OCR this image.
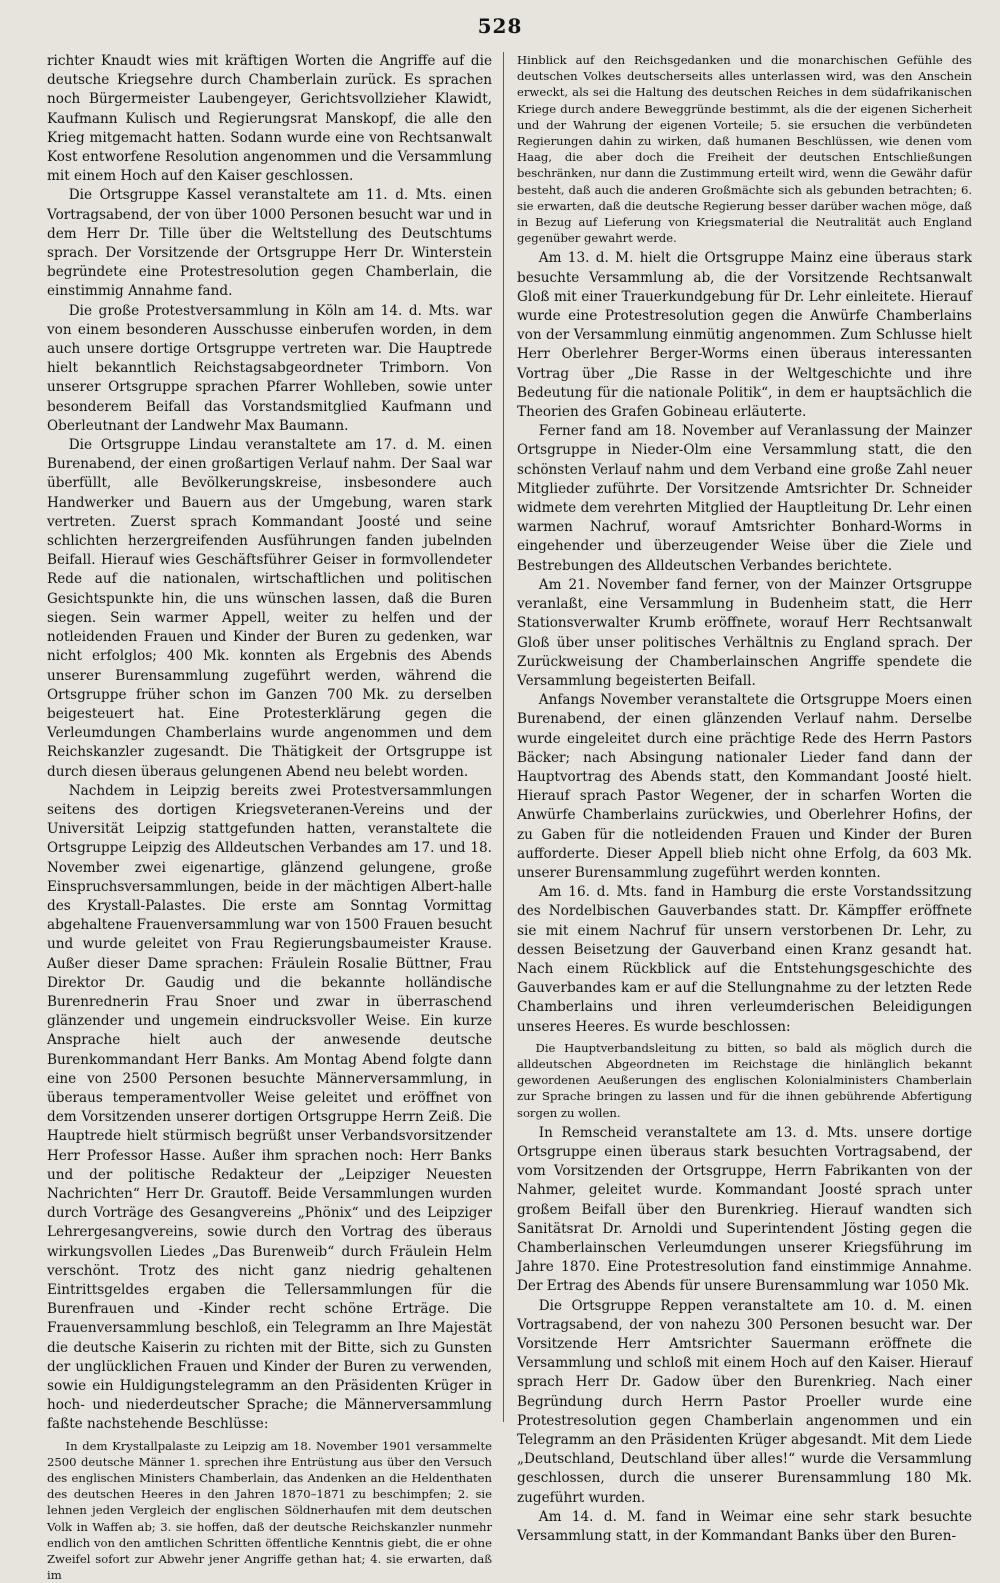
528

richter Knaudt wies mit kräftigen Worten die Angriffe auf die deutsche Kriegsehre durch Chamberlain zurück. Es sprachen noch Bürgermeister Laubengeyer, Gerichtsvollzieher Klawidt, Kaufmann Kulisch und Regierungsrat Manskopf, die alle den Krieg mitgemacht hatten. Sodann wurde eine von Rechtsanwalt Kost entworfene Resolution angenommen und die Versammlung mit einem Hoch auf den Kaiser geschlossen.

Die Ortsgruppe Kassel veranstaltete am 11. d. Mts. einen Vortragsabend, der von über 1000 Personen besucht war und in dem Herr Dr. Tille über die Weltstellung des Deutschtums sprach. Der Vorsitzende der Ortsgruppe Herr Dr. Winterstein begründete eine Protestresolution gegen Chamberlain, die einstimmig Annahme fand.

Die große Protestversammlung in Köln am 14. d. Mts. war von einem besonderen Ausschusse einberufen worden, in dem auch unsere dortige Ortsgruppe vertreten war. Die Hauptrede hielt bekanntlich Reichstagsabgeordneter Trimborn. Von unserer Ortsgruppe sprachen Pfarrer Wohlleben, sowie unter besonderem Beifall das Vorstandsmitglied Kaufmann und Oberleutnant der Landwehr Max Baumann.

Die Ortsgruppe Lindau veranstaltete am 17. d. M. einen Burenabend, der einen großartigen Verlauf nahm. Der Saal war überfüllt, alle Bevölkerungskreise, insbesondere auch Handwerker und Bauern aus der Umgebung, waren stark vertreten. Zuerst sprach Kommandant Joosté und seine schlichten herzergreifenden Ausführungen fanden jubelnden Beifall. Hierauf wies Geschäftsführer Geiser in formvollendeter Rede auf die nationalen, wirtschaftlichen und politischen Gesichtspunkte hin, die uns wünschen lassen, daß die Buren siegen. Sein warmer Appell, weiter zu helfen und der notleidenden Frauen und Kinder der Buren zu gedenken, war nicht erfolglos; 400 Mk. konnten als Ergebnis des Abends unserer Burensammlung zugeführt werden, während die Ortsgruppe früher schon im Ganzen 700 Mk. zu derselben beigesteuert hat. Eine Protesterklärung gegen die Verleumdungen Chamberlains wurde angenommen und dem Reichskanzler zugesandt. Die Thätigkeit der Ortsgruppe ist durch diesen überaus gelungenen Abend neu belebt worden.

Nachdem in Leipzig bereits zwei Protestversammlungen seitens des dortigen Kriegsveteranen-Vereins und der Universität Leipzig stattgefunden hatten, veranstaltete die Ortsgruppe Leipzig des Alldeutschen Verbandes am 17. und 18. November zwei eigenartige, glänzend gelungene, große Einspruchsversammlungen, beide in der mächtigen Albert-halle des Krystall-Palastes. Die erste am Sonntag Vormittag abgehaltene Frauenversammlung war von 1500 Frauen besucht und wurde geleitet von Frau Regierungsbaumeister Krause. Außer dieser Dame sprachen: Fräulein Rosalie Büttner, Frau Direktor Dr. Gaudig und die bekannte holländische Burenrednerin Frau Snoer und zwar in überraschend glänzender und ungemein eindrucksvoller Weise. Ein kurze Ansprache hielt auch der anwesende deutsche Burenkommandant Herr Banks. Am Montag Abend folgte dann eine von 2500 Personen besuchte Männerversammlung, in überaus temperamentvoller Weise geleitet und eröffnet von dem Vorsitzenden unserer dortigen Ortsgruppe Herrn Zeiß. Die Hauptrede hielt stürmisch begrüßt unser Verbandsvorsitzender Herr Professor Hasse. Außer ihm sprachen noch: Herr Banks und der politische Redakteur der „Leipziger Neuesten Nachrichten“ Herr Dr. Grautoff. Beide Versammlungen wurden durch Vorträge des Gesangvereins „Phönix“ und des Leipziger Lehrergesangvereins, sowie durch den Vortrag des überaus wirkungsvollen Liedes „Das Burenweib“ durch Fräulein Helm verschönt. Trotz des nicht ganz niedrig gehaltenen Eintrittsgeldes ergaben die Tellersammlungen für die Burenfrauen und -Kinder recht schöne Erträge. Die Frauenversammlung beschloß, ein Telegramm an Ihre Majestät die deutsche Kaiserin zu richten mit der Bitte, sich zu Gunsten der unglücklichen Frauen und Kinder der Buren zu verwenden, sowie ein Huldigungstelegramm an den Präsidenten Krüger in hoch- und niederdeutscher Sprache; die Männerversammlung faßte nachstehende Beschlüsse:

In dem Krystallpalaste zu Leipzig am 18. November 1901 versammelte 2500 deutsche Männer 1. sprechen ihre Entrüstung aus über den Versuch des englischen Ministers Chamberlain, das Andenken an die Heldenthaten des deutschen Heeres in den Jahren 1870–1871 zu beschimpfen; 2. sie lehnen jeden Vergleich der englischen Söldnerhaufen mit dem deutschen Volk in Waffen ab; 3. sie hoffen, daß der deutsche Reichskanzler nunmehr endlich von den amtlichen Schritten öffentliche Kenntnis giebt, die er ohne Zweifel sofort zur Abwehr jener Angriffe gethan hat; 4. sie erwarten, daß im

Hinblick auf den Reichsgedanken und die monarchischen Gefühle des deutschen Volkes deutscherseits alles unterlassen wird, was den Anschein erweckt, als sei die Haltung des deutschen Reiches in dem südafrikanischen Kriege durch andere Beweggründe bestimmt, als die der eigenen Sicherheit und der Wahrung der eigenen Vorteile; 5. sie ersuchen die verbündeten Regierungen dahin zu wirken, daß humanen Beschlüssen, wie denen vom Haag, die aber doch die Freiheit der deutschen Entschließungen beschränken, nur dann die Zustimmung erteilt wird, wenn die Gewähr dafür besteht, daß auch die anderen Großmächte sich als gebunden betrachten; 6. sie erwarten, daß die deutsche Regierung besser darüber wachen möge, daß in Bezug auf Lieferung von Kriegsmaterial die Neutralität auch England gegenüber gewahrt werde.

Am 13. d. M. hielt die Ortsgruppe Mainz eine überaus stark besuchte Versammlung ab, die der Vorsitzende Rechtsanwalt Gloß mit einer Trauerkundgebung für Dr. Lehr einleitete. Hierauf wurde eine Protestresolution gegen die Anwürfe Chamberlains von der Versammlung einmütig angenommen. Zum Schlusse hielt Herr Oberlehrer Berger-Worms einen überaus interessanten Vortrag über „Die Rasse in der Weltgeschichte und ihre Bedeutung für die nationale Politik“, in dem er hauptsächlich die Theorien des Grafen Gobineau erläuterte.

Ferner fand am 18. November auf Veranlassung der Mainzer Ortsgruppe in Nieder-Olm eine Versammlung statt, die den schönsten Verlauf nahm und dem Verband eine große Zahl neuer Mitglieder zuführte. Der Vorsitzende Amtsrichter Dr. Schneider widmete dem verehrten Mitglied der Hauptleitung Dr. Lehr einen warmen Nachruf, worauf Amtsrichter Bonhard-Worms in eingehender und überzeugender Weise über die Ziele und Bestrebungen des Alldeutschen Verbandes berichtete.

Am 21. November fand ferner, von der Mainzer Ortsgruppe veranlaßt, eine Versammlung in Budenheim statt, die Herr Stationsverwalter Krumb eröffnete, worauf Herr Rechtsanwalt Gloß über unser politisches Verhältnis zu England sprach. Der Zurückweisung der Chamberlainschen Angriffe spendete die Versammlung begeisterten Beifall.

Anfangs November veranstaltete die Ortsgruppe Moers einen Burenabend, der einen glänzenden Verlauf nahm. Derselbe wurde eingeleitet durch eine prächtige Rede des Herrn Pastors Bäcker; nach Absingung nationaler Lieder fand dann der Hauptvortrag des Abends statt, den Kommandant Joosté hielt. Hierauf sprach Pastor Wegener, der in scharfen Worten die Anwürfe Chamberlains zurückwies, und Oberlehrer Hofins, der zu Gaben für die notleidenden Frauen und Kinder der Buren aufforderte. Dieser Appell blieb nicht ohne Erfolg, da 603 Mk. unserer Burensammlung zugeführt werden konnten.

Am 16. d. Mts. fand in Hamburg die erste Vorstandssitzung des Nordelbischen Gauverbandes statt. Dr. Kämpffer eröffnete sie mit einem Nachruf für unsern verstorbenen Dr. Lehr, zu dessen Beisetzung der Gauverband einen Kranz gesandt hat. Nach einem Rückblick auf die Entstehungsgeschichte des Gauverbandes kam er auf die Stellungnahme zu der letzten Rede Chamberlains und ihren verleumderischen Beleidigungen unseres Heeres. Es wurde beschlossen:

Die Hauptverbandsleitung zu bitten, so bald als möglich durch die alldeutschen Abgeordneten im Reichstage die hinlänglich bekannt gewordenen Aeußerungen des englischen Kolonialministers Chamberlain zur Sprache bringen zu lassen und für die ihnen gebührende Abfertigung sorgen zu wollen.

In Remscheid veranstaltete am 13. d. Mts. unsere dortige Ortsgruppe einen überaus stark besuchten Vortragsabend, der vom Vorsitzenden der Ortsgruppe, Herrn Fabrikanten von der Nahmer, geleitet wurde. Kommandant Joosté sprach unter großem Beifall über den Burenkrieg. Hierauf wandten sich Sanitätsrat Dr. Arnoldi und Superintendent Jösting gegen die Chamberlainschen Verleumdungen unserer Kriegsführung im Jahre 1870. Eine Protestresolution fand einstimmige Annahme. Der Ertrag des Abends für unsere Burensammlung war 1050 Mk.

Die Ortsgruppe Reppen veranstaltete am 10. d. M. einen Vortragsabend, der von nahezu 300 Personen besucht war. Der Vorsitzende Herr Amtsrichter Sauermann eröffnete die Versammlung und schloß mit einem Hoch auf den Kaiser. Hierauf sprach Herr Dr. Gadow über den Burenkrieg. Nach einer Begründung durch Herrn Pastor Proeller wurde eine Protestresolution gegen Chamberlain angenommen und ein Telegramm an den Präsidenten Krüger abgesandt. Mit dem Liede „Deutschland, Deutschland über alles!“ wurde die Versammlung geschlossen, durch die unserer Burensammlung 180 Mk. zugeführt wurden.

Am 14. d. M. fand in Weimar eine sehr stark besuchte Versammlung statt, in der Kommandant Banks über den Buren-
